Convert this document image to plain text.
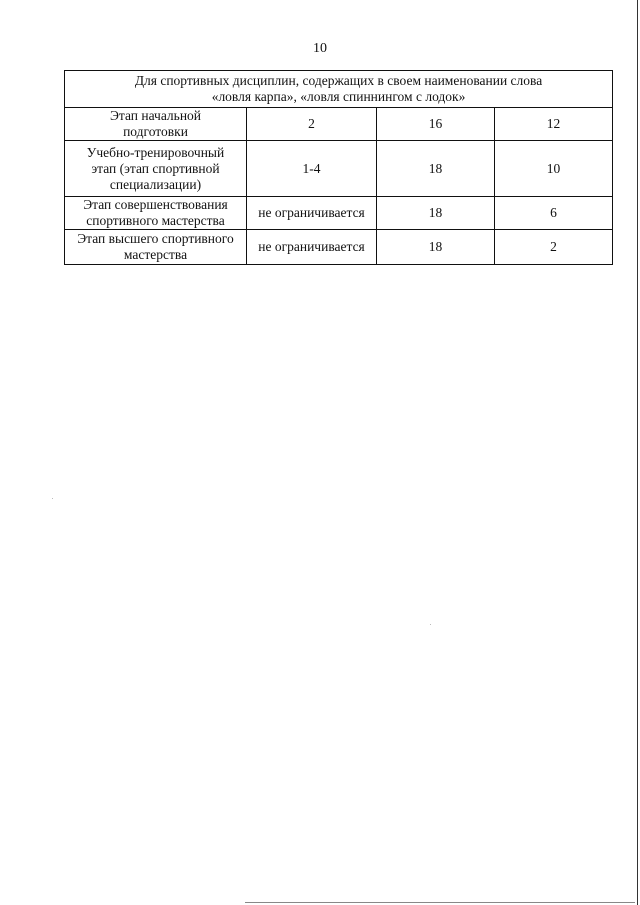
10
Для спортивных дисциплин, содержащих в своем наименовании слова
«ловля карпа», «ловля спиннингом с лодок»			

Этап начальной
подготовки	2	16	12

Учебно-тренировочный
этап (этап спортивной
специализации)	1-4	18	10

Этап совершенствования
спортивного мастерства	не ограничивается	18	6

Этап высшего спортивного
мастерства	не ограничивается	18	2
